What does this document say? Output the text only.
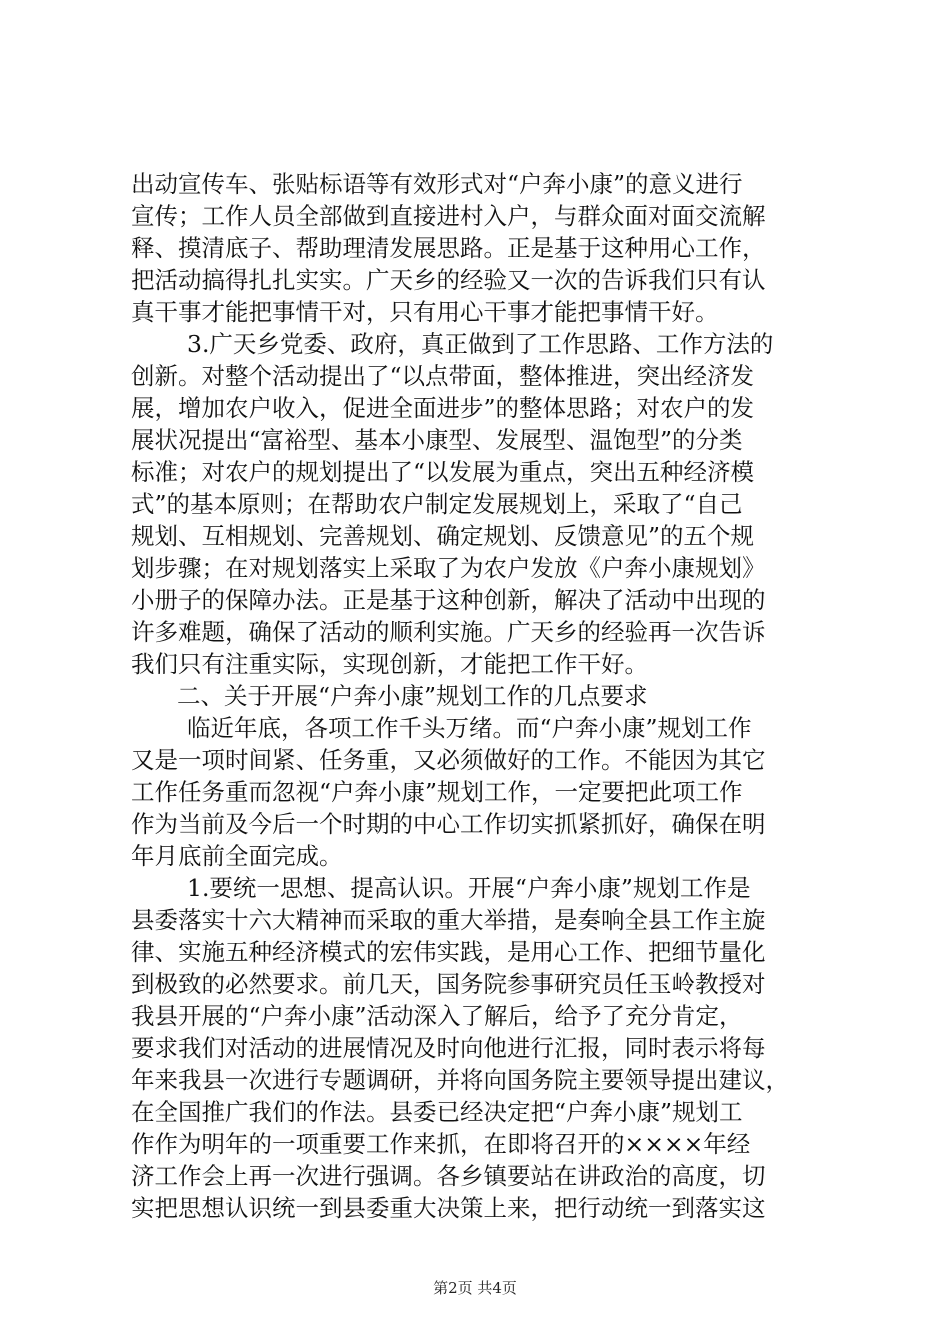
出动宣传车、张贴标语等有效形式对“户奔小康”的意义进行
宣传；工作人员全部做到直接进村入户，与群众面对面交流解
释、摸清底子、帮助理清发展思路。正是基于这种用心工作，
把活动搞得扎扎实实。广天乡的经验又一次的告诉我们只有认
真干事才能把事情干对，只有用心干事才能把事情干好。
3.广天乡党委、政府，真正做到了工作思路、工作方法的
创新。对整个活动提出了“以点带面，整体推进，突出经济发
展，增加农户收入，促进全面进步”的整体思路；对农户的发
展状况提出“富裕型、基本小康型、发展型、温饱型”的分类
标准；对农户的规划提出了“以发展为重点，突出五种经济模
式”的基本原则；在帮助农户制定发展规划上，采取了“自己
规划、互相规划、完善规划、确定规划、反馈意见”的五个规
划步骤；在对规划落实上采取了为农户发放《户奔小康规划》
小册子的保障办法。正是基于这种创新，解决了活动中出现的
许多难题，确保了活动的顺利实施。广天乡的经验再一次告诉
我们只有注重实际，实现创新，才能把工作干好。
二、关于开展“户奔小康”规划工作的几点要求
临近年底，各项工作千头万绪。而“户奔小康”规划工作
又是一项时间紧、任务重，又必须做好的工作。不能因为其它
工作任务重而忽视“户奔小康”规划工作，一定要把此项工作
作为当前及今后一个时期的中心工作切实抓紧抓好，确保在明
年月底前全面完成。
1.要统一思想、提高认识。开展“户奔小康”规划工作是
县委落实十六大精神而采取的重大举措，是奏响全县工作主旋
律、实施五种经济模式的宏伟实践，是用心工作、把细节量化
到极致的必然要求。前几天，国务院参事研究员任玉岭教授对
我县开展的“户奔小康”活动深入了解后，给予了充分肯定，
要求我们对活动的进展情况及时向他进行汇报，同时表示将每
年来我县一次进行专题调研，并将向国务院主要领导提出建议，
在全国推广我们的作法。县委已经决定把“户奔小康”规划工
作作为明年的一项重要工作来抓，在即将召开的××××年经
济工作会上再一次进行强调。各乡镇要站在讲政治的高度，切
实把思想认识统一到县委重大决策上来，把行动统一到落实这
第2页 共4页
